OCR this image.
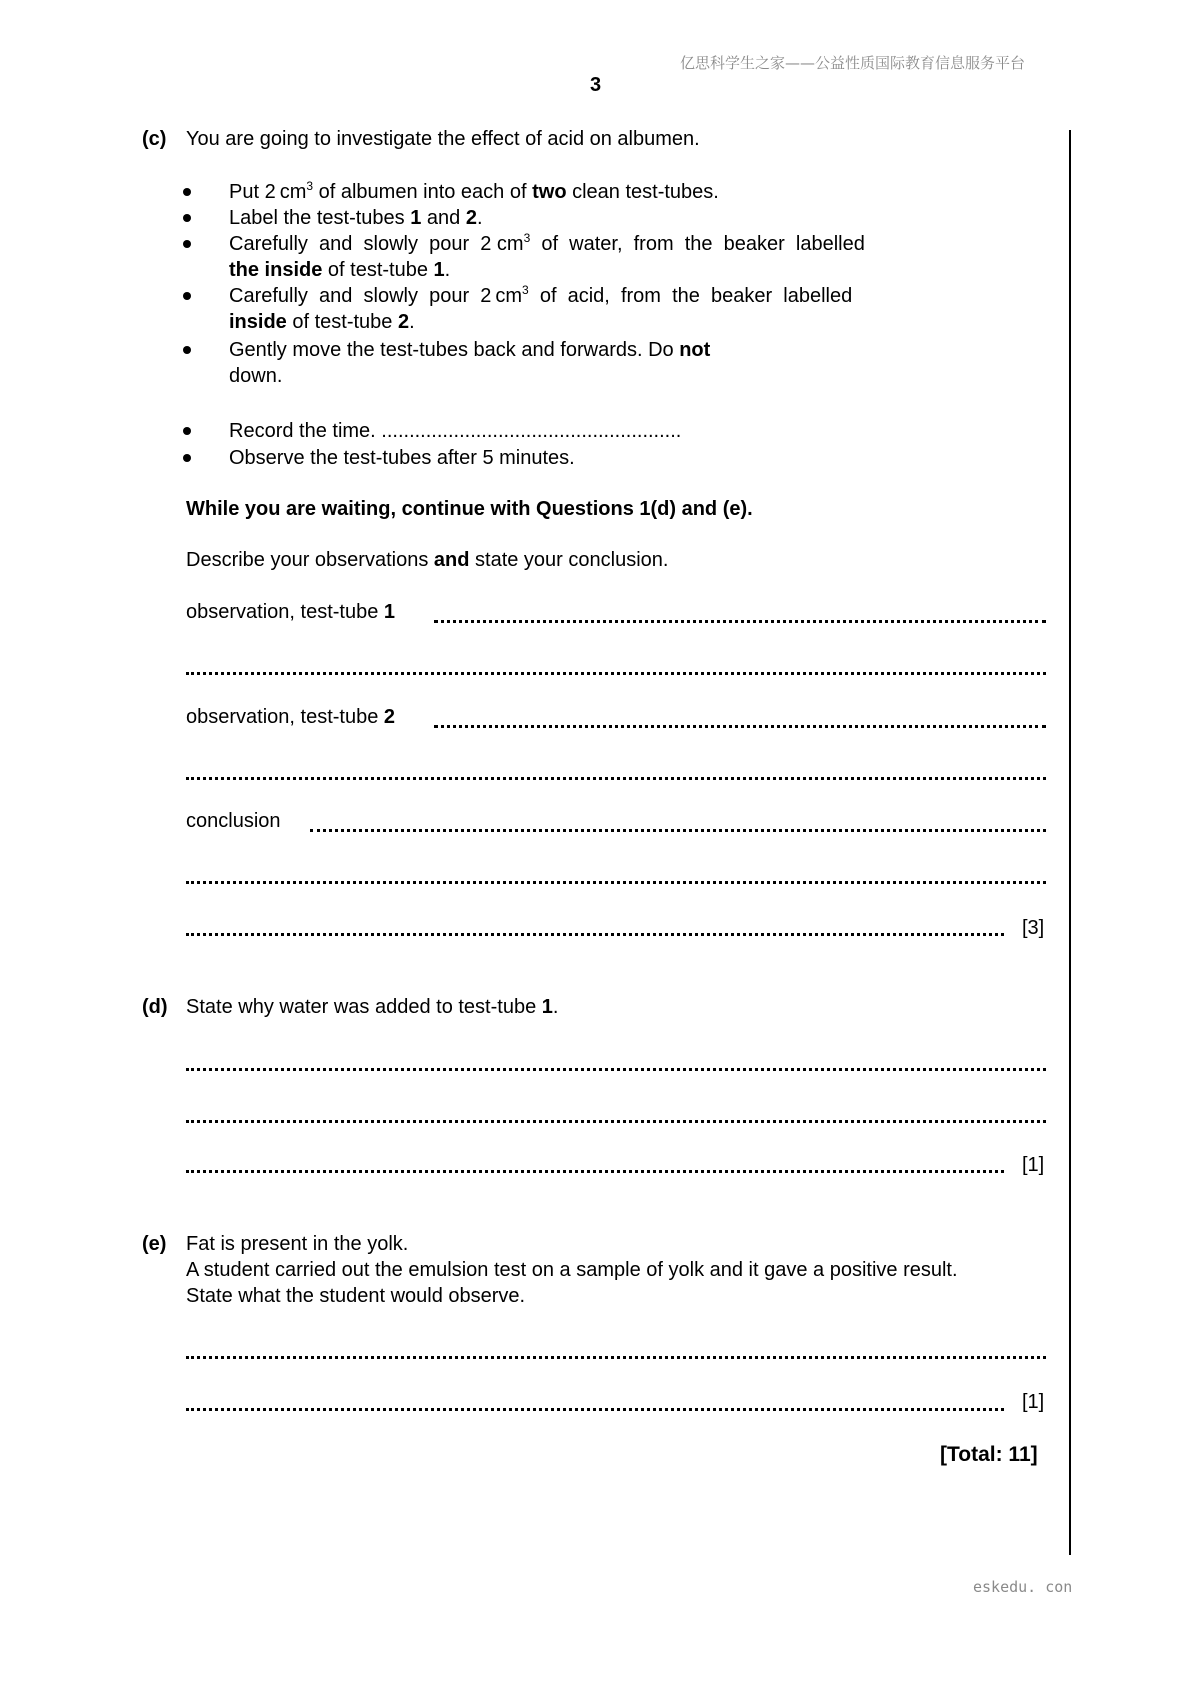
亿思科学生之家——公益性质国际教育信息服务平台
3
(c) You are going to investigate the effect of acid on albumen.
Put 2 $cm^3$ of albumen into each of two clean test-tubes.
Label the test-tubes 1 and 2.
Carefully  and  slowly  pour  2 $cm^3$  of  water,  from  the  beaker  labelled
the inside of test-tube 1.
Carefully  and  slowly  pour  2 $cm^3$  of  acid,  from  the  beaker  labelled
inside of test-tube 2.
Gently move the test-tubes back and forwards. Do not
down.
Record the time. ......................................................
Observe the test-tubes after 5 minutes.
While you are waiting, continue with Questions 1(d) and (e).
Describe your observations and state your conclusion.
observation, test-tube 1
observation, test-tube 2
conclusion
[3]
(d) State why water was added to test-tube 1.
[1]
(e) Fat is present in the yolk.
A student carried out the emulsion test on a sample of yolk and it gave a positive result.
State what the student would observe.
[1]
[Total: 11]
eskedu. con
